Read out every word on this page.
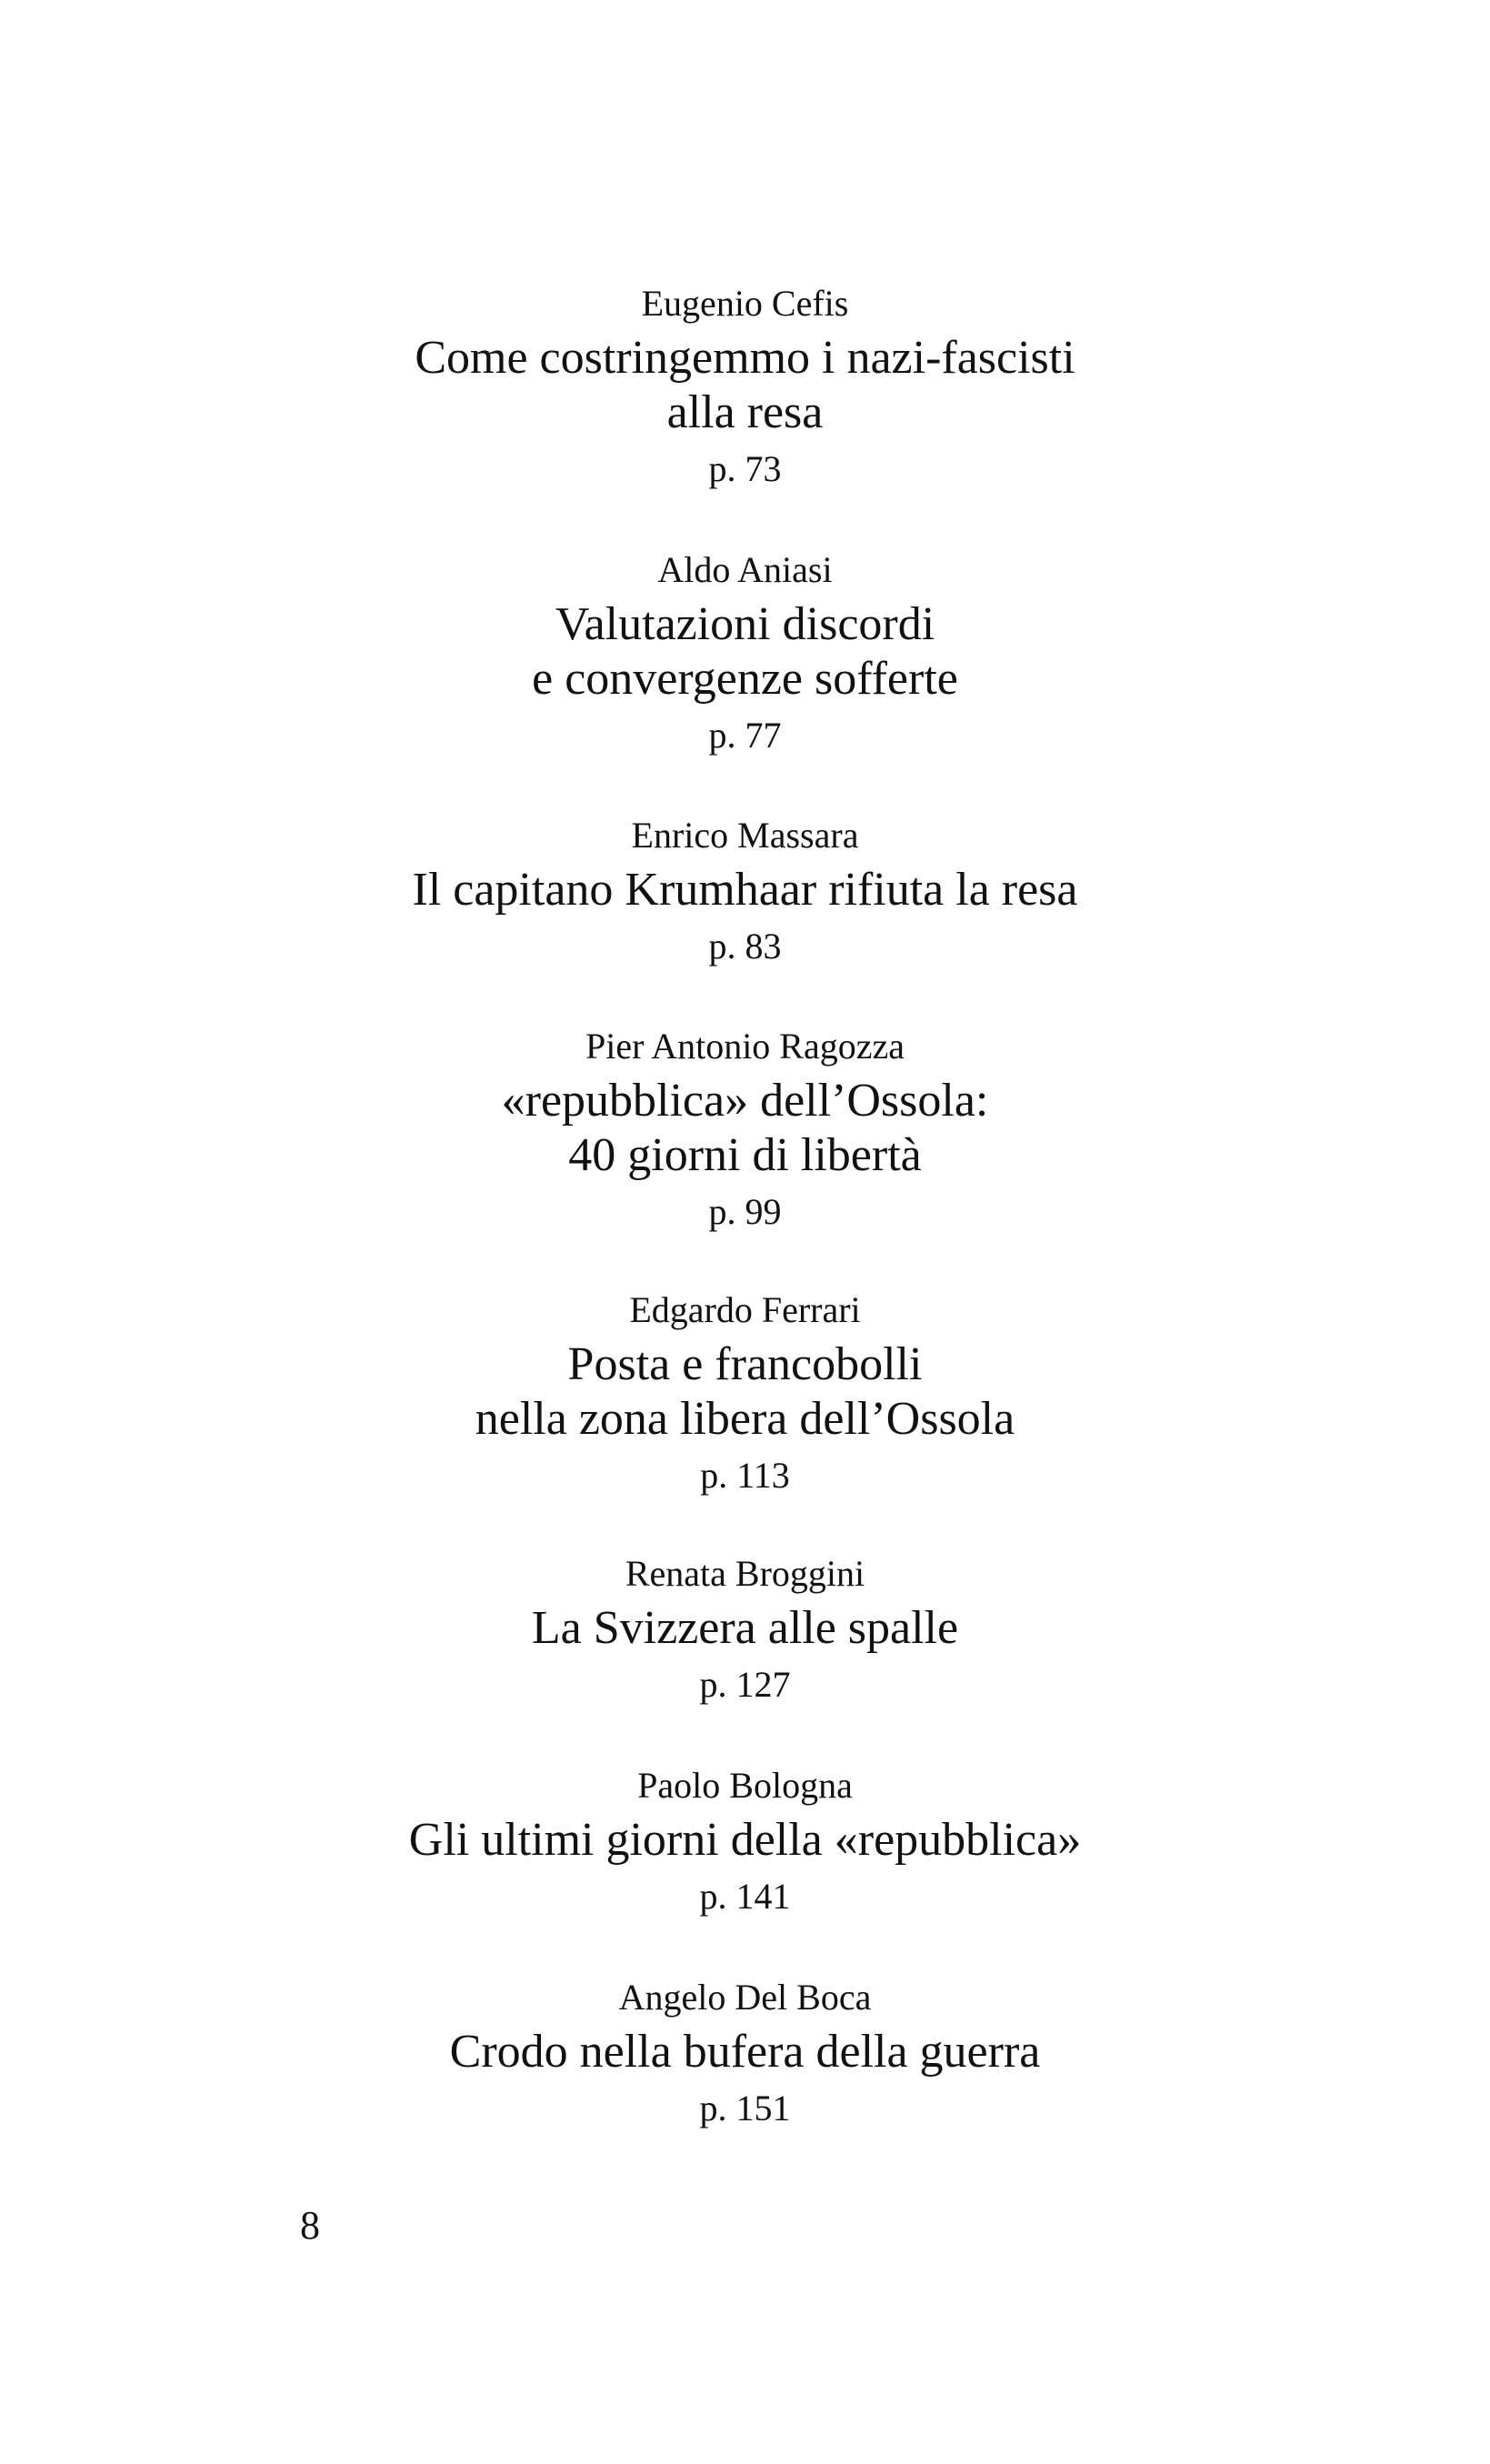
Eugenio Cefis
Come costringemmo i nazi-fascisti
alla resa
p. 73
Aldo Aniasi
Valutazioni discordi
e convergenze sofferte
p. 77
Enrico Massara
Il capitano Krumhaar rifiuta la resa
p. 83
Pier Antonio Ragozza
«repubblica» dell’Ossola:
40 giorni di libertà
p. 99
Edgardo Ferrari
Posta e francobolli
nella zona libera dell’Ossola
p. 113
Renata Broggini
La Svizzera alle spalle
p. 127
Paolo Bologna
Gli ultimi giorni della «repubblica»
p. 141
Angelo Del Boca
Crodo nella bufera della guerra
p. 151
8
